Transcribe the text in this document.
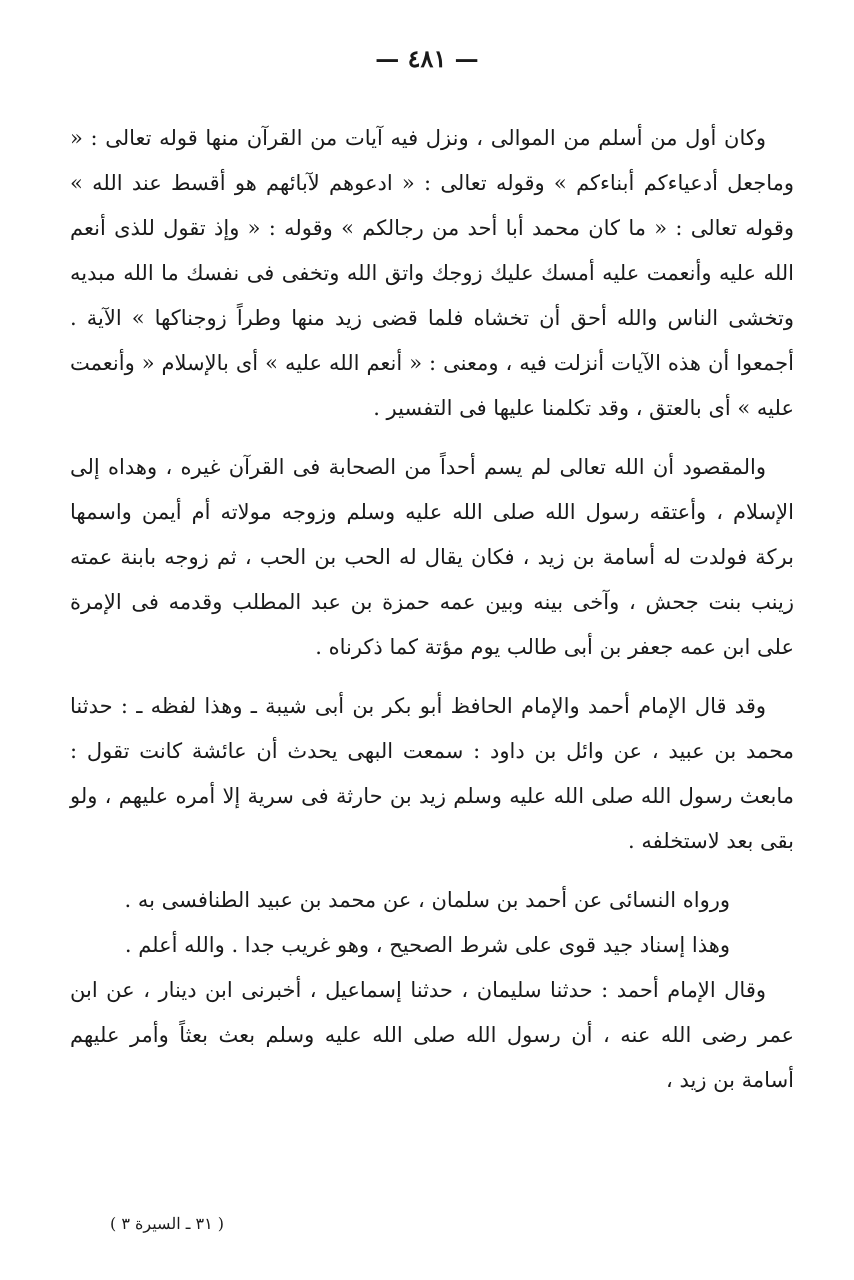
— ٤٨١ —

وكان أول من أسلم من الموالى ، ونزل فيه آيات من القرآن منها قوله تعالى : « وماجعل أدعياءكم أبناءكم » وقوله تعالى : « ادعوهم لآبائهم هو أقسط عند الله » وقوله تعالى : « ما كان محمد أبا أحد من رجالكم » وقوله : « وإذ تقول للذى أنعم الله عليه وأنعمت عليه أمسك عليك زوجك واتق الله وتخفى فى نفسك ما الله مبديه وتخشى الناس والله أحق أن تخشاه فلما قضى زيد منها وطراً زوجناكها » الآية . أجمعوا أن هذه الآيات أنزلت فيه ، ومعنى : « أنعم الله عليه » أى بالإسلام « وأنعمت عليه » أى بالعتق ، وقد تكلمنا عليها فى التفسير .

والمقصود أن الله تعالى لم يسم أحداً من الصحابة فى القرآن غيره ، وهداه إلى الإسلام ، وأعتقه رسول الله صلى الله عليه وسلم وزوجه مولاته أم أيمن واسمها بركة فولدت له أسامة بن زيد ، فكان يقال له الحب بن الحب ، ثم زوجه بابنة عمته زينب بنت جحش ، وآخى بينه وبين عمه حمزة بن عبد المطلب وقدمه فى الإمرة على ابن عمه جعفر بن أبى طالب يوم مؤتة كما ذكرناه .

وقد قال الإمام أحمد والإمام الحافظ أبو بكر بن أبى شيبة ـ وهذا لفظه ـ : حدثنا محمد بن عبيد ، عن وائل بن داود : سمعت البهى يحدث أن عائشة كانت تقول : مابعث رسول الله صلى الله عليه وسلم زيد بن حارثة فى سرية إلا أمره عليهم ، ولو بقى بعد لاستخلفه .

ورواه النسائى عن أحمد بن سلمان ، عن محمد بن عبيد الطنافسى به .

وهذا إسناد جيد قوى على شرط الصحيح ، وهو غريب جدا . والله أعلم .

وقال الإمام أحمد : حدثنا سليمان ، حدثنا إسماعيل ، أخبرنى ابن دينار ، عن ابن عمر رضى الله عنه ، أن رسول الله صلى الله عليه وسلم بعث بعثاً وأمر عليهم أسامة بن زيد ،

( ٣١ ـ السيرة ٣ )
